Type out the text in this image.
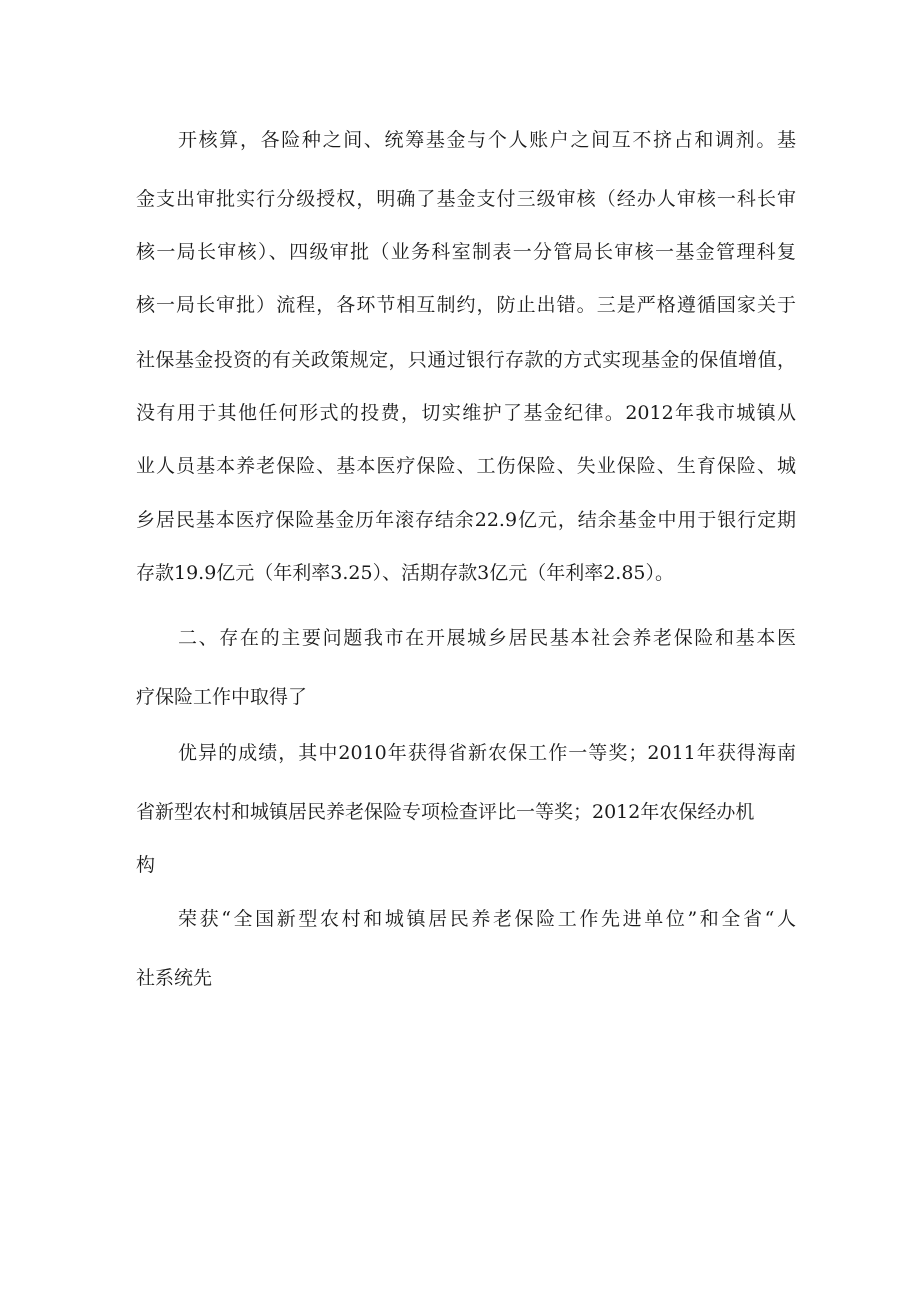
开核算，各险种之间、统筹基金与个人账户之间互不挤占和调剂。基
金支出审批实行分级授权，明确了基金支付三级审核（经办人审核一科长审
核一局长审核）、四级审批（业务科室制表一分管局长审核一基金管理科复
核一局长审批）流程，各环节相互制约，防止出错。三是严格遵循国家关于
社保基金投资的有关政策规定，只通过银行存款的方式实现基金的保值增值，
没有用于其他任何形式的投费，切实维护了基金纪律。2012年我市城镇从
业人员基本养老保险、基本医疗保险、工伤保险、失业保险、生育保险、城
乡居民基本医疗保险基金历年滚存结余22.9亿元，结余基金中用于银行定期
存款19.9亿元（年利率3.25）、活期存款3亿元（年利率2.85）。
二、存在的主要问题我市在开展城乡居民基本社会养老保险和基本医
疗保险工作中取得了
优异的成绩，其中2010年获得省新农保工作一等奖；2011年获得海南
省新型农村和城镇居民养老保险专项检查评比一等奖；2012年农保经办机
构
荣获“全国新型农村和城镇居民养老保险工作先进单位”和全省“人
社系统先
